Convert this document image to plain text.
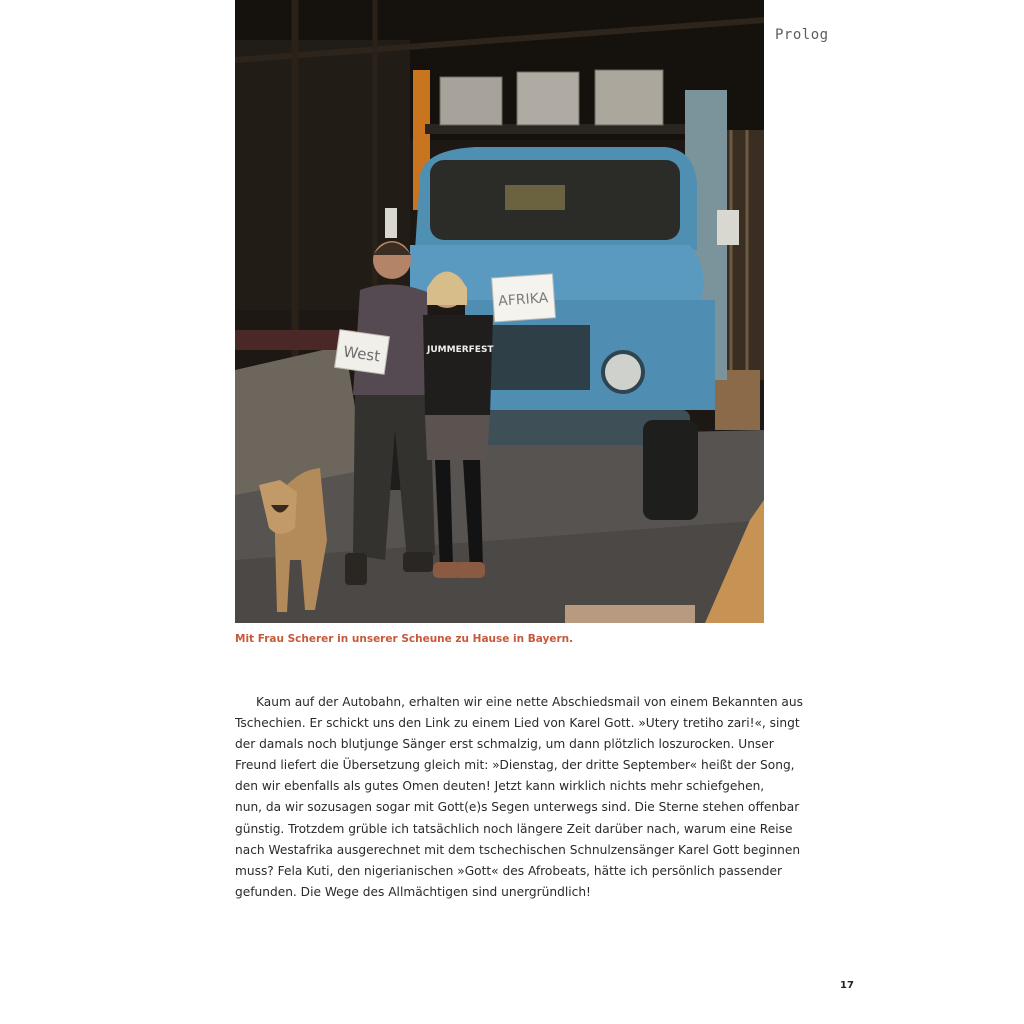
Prolog
JUMMERFEST
West
AFRIKA
Mit Frau Scherer in unserer Scheune zu Hause in Bayern.
Kaum auf der Autobahn, erhalten wir eine nette Abschiedsmail von einem Bekannten aus
Tschechien. Er schickt uns den Link zu einem Lied von Karel Gott. »Utery tretiho zari!«, singt
der damals noch blutjunge Sänger erst schmalzig, um dann plötzlich loszurocken. Unser
Freund liefert die Übersetzung gleich mit: »Dienstag, der dritte September« heißt der Song,
den wir ebenfalls als gutes Omen deuten! Jetzt kann wirklich nichts mehr schiefgehen,
nun, da wir sozusagen sogar mit Gott(e)s Segen unterwegs sind. Die Sterne stehen offenbar
günstig. Trotzdem grüble ich tatsächlich noch längere Zeit darüber nach, warum eine Reise
nach Westafrika ausgerechnet mit dem tschechischen Schnulzensänger Karel Gott beginnen
muss? Fela Kuti, den nigerianischen »Gott« des Afrobeats, hätte ich persönlich passender
gefunden. Die Wege des Allmächtigen sind unergründlich!
17
